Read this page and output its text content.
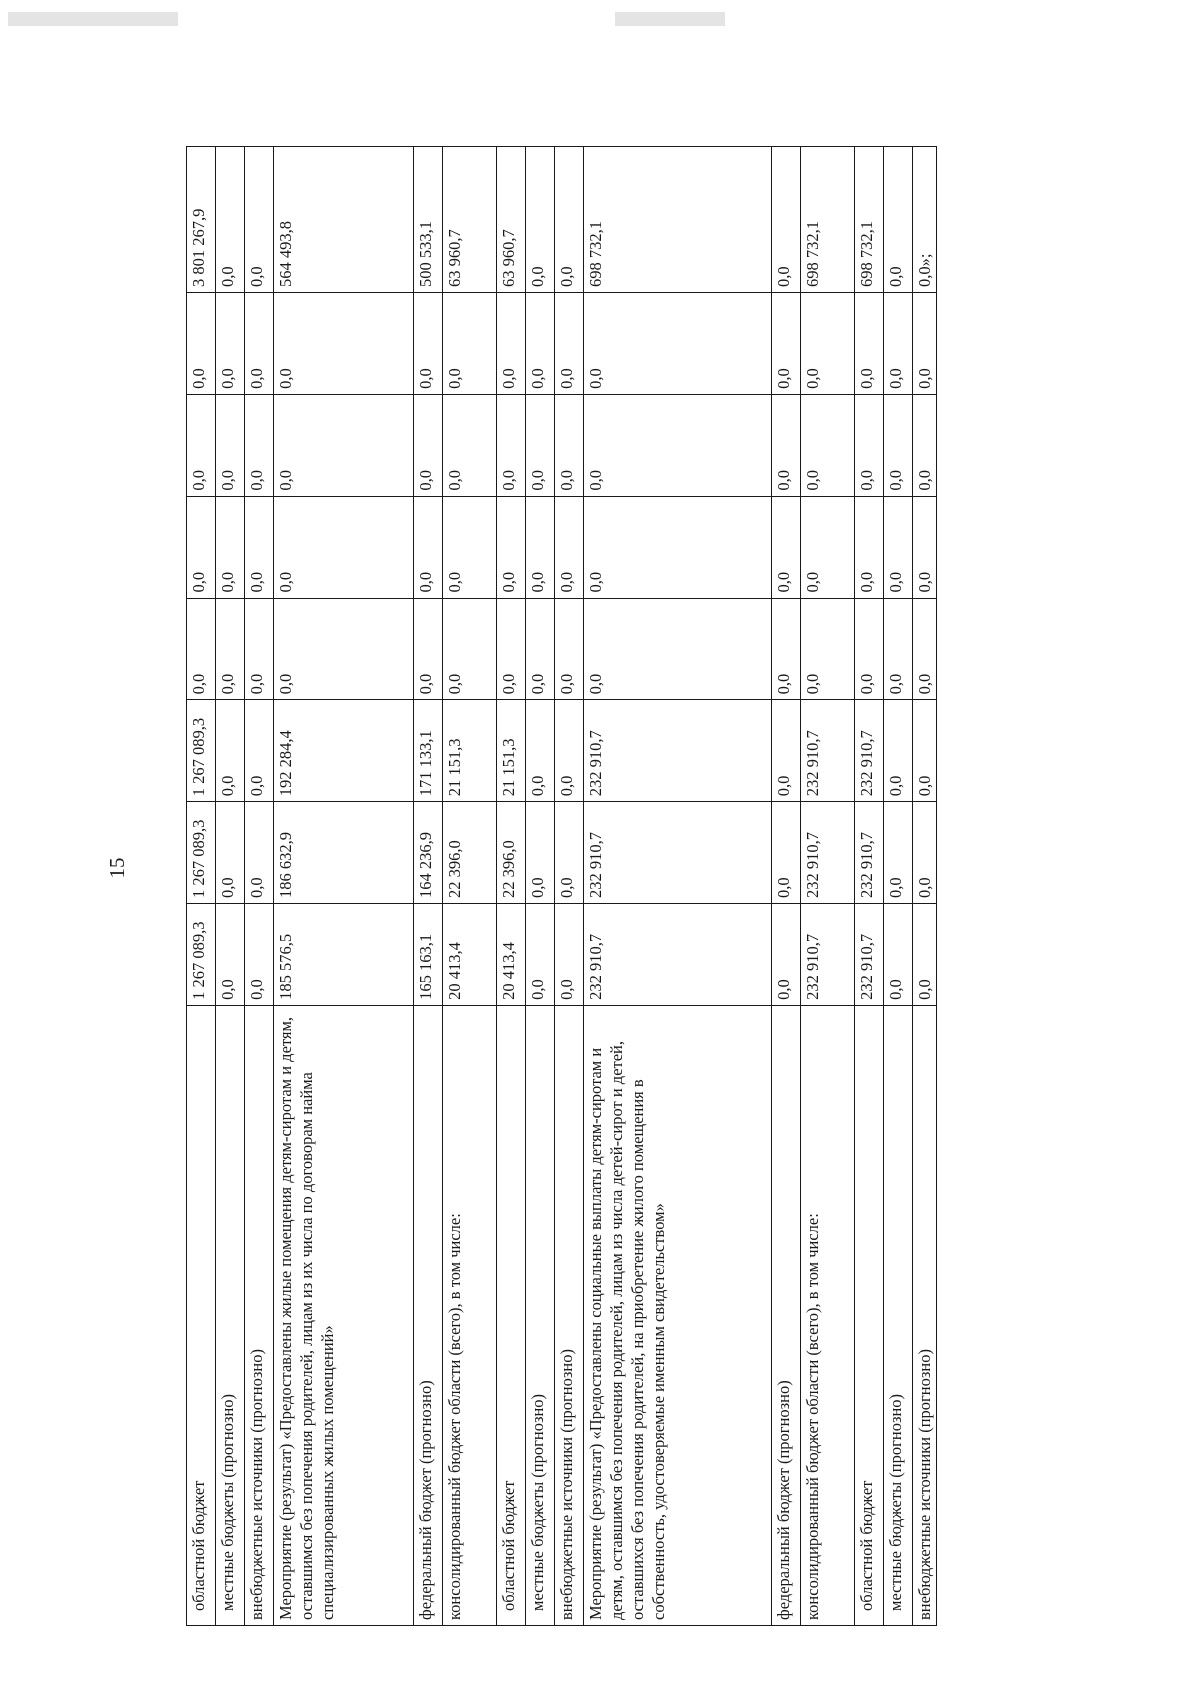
15
областной бюджет	1 267 089,3	1 267 089,3	1 267 089,3	0,0	0,0	0,0	0,0	3 801 267,9
местные бюджеты (прогнозно)	0,0	0,0	0,0	0,0	0,0	0,0	0,0	0,0
внебюджетные источники (прогнозно)	0,0	0,0	0,0	0,0	0,0	0,0	0,0	0,0
Мероприятие (результат) «Предоставлены жилые помещения детям-сиротам и детям, оставшимся без попечения родителей, лицам из их числа по договорам найма специализированных жилых помещений»	185 576,5	186 632,9	192 284,4	0,0	0,0	0,0	0,0	564 493,8
федеральный бюджет (прогнозно)	165 163,1	164 236,9	171 133,1	0,0	0,0	0,0	0,0	500 533,1
консолидированный бюджет области (всего), в том числе:	20 413,4	22 396,0	21 151,3	0,0	0,0	0,0	0,0	63 960,7
областной бюджет	20 413,4	22 396,0	21 151,3	0,0	0,0	0,0	0,0	63 960,7
местные бюджеты (прогнозно)	0,0	0,0	0,0	0,0	0,0	0,0	0,0	0,0
внебюджетные источники (прогнозно)	0,0	0,0	0,0	0,0	0,0	0,0	0,0	0,0
Мероприятие (результат) «Предоставлены социальные выплаты детям-сиротам и детям, оставшимся без попечения родителей, лицам из числа детей-сирот и детей, оставшихся без попечения родителей, на приобретение жилого помещения в собственность, удостоверяемые именным свидетельством»	232 910,7	232 910,7	232 910,7	0,0	0,0	0,0	0,0	698 732,1
федеральный бюджет (прогнозно)	0,0	0,0	0,0	0,0	0,0	0,0	0,0	0,0
консолидированный бюджет области (всего), в том числе:	232 910,7	232 910,7	232 910,7	0,0	0,0	0,0	0,0	698 732,1
областной бюджет	232 910,7	232 910,7	232 910,7	0,0	0,0	0,0	0,0	698 732,1
местные бюджеты (прогнозно)	0,0	0,0	0,0	0,0	0,0	0,0	0,0	0,0
внебюджетные источники (прогнозно)	0,0	0,0	0,0	0,0	0,0	0,0	0,0	0,0»;
